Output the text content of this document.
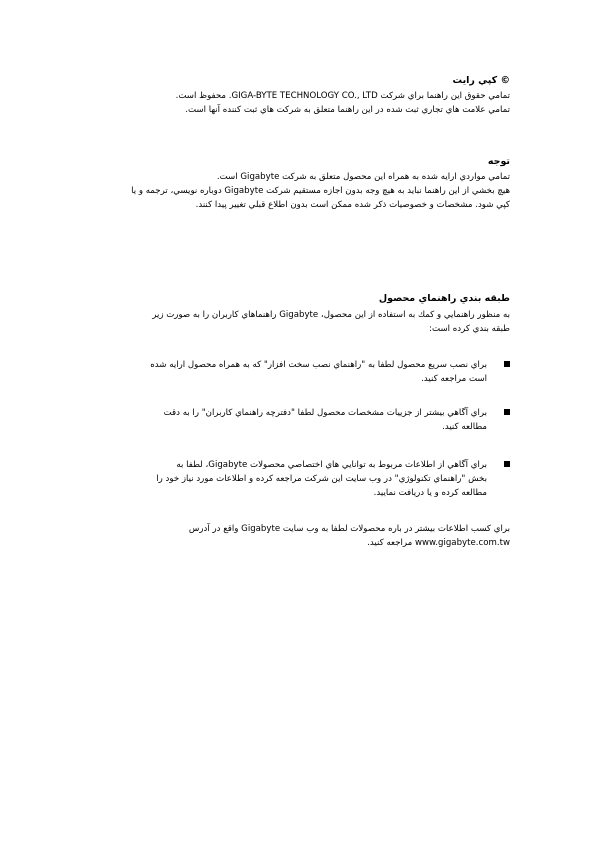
© كپي رايت
تمامي حقوق اين راهنما براي شركت GIGA-BYTE TECHNOLOGY CO., LTD. محفوظ است.
تمامي علامت هاي تجاري ثبت شده در اين راهنما متعلق به شركت هاي ثبت كننده آنها است.
توجه
تمامي مواردي ارايه شده به همراه اين محصول متعلق به شركت Gigabyte است.
هيچ بخشي از اين راهنما نبايد به هيچ وجه بدون اجازه مستقيم شركت Gigabyte دوباره نويسي، ترجمه و يا
كپي شود. مشخصات و خصوصيات ذكر شده ممكن است بدون اطلاع قبلي تغيير پيدا كنند.
طبقه بندي راهنماي محصول
به منظور راهنمايي و كمك به استفاده از اين محصول، Gigabyte راهنماهاي كاربران را به صورت زير
طبقه بندي كرده است:
براي نصب سريع محصول لطفا به "راهنماي نصب سخت افزار" كه به همراه محصول ارايه شده
است مراجعه كنيد.
براي آگاهي بيشتر از جزييات مشخصات محصول لطفا "دفترچه راهنماي كاربران" را به دقت
مطالعه كنيد.
براي آگاهي از اطلاعات مربوط به توانايي هاي اختصاصي محصولات Gigabyte، لطفا به
بخش "راهنماي تكنولوژي" در وب سايت اين شركت مراجعه كرده و اطلاعات مورد نياز خود را
مطالعه كرده و يا دريافت نماييد.
براي كسب اطلاعات بيشتر در باره محصولات لطفا به وب سايت Gigabyte واقع در آدرس
www.gigabyte.com.tw مراجعه كنيد.
